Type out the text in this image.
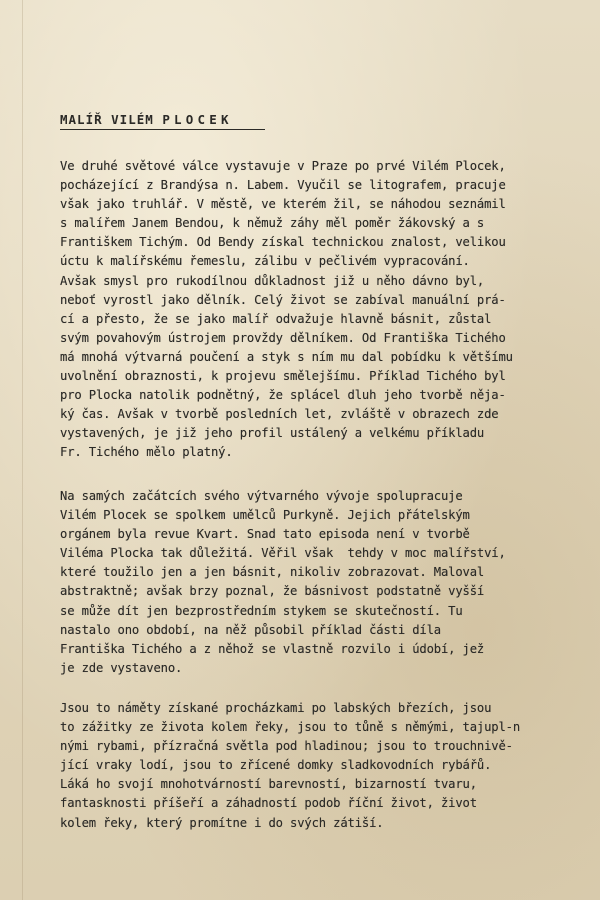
MALÍŘ VILÉM PLOCEK
Ve druhé světové válce vystavuje v Praze po prvé Vilém Plocek,
pocházející z Brandýsa n. Labem. Vyučil se litografem, pracuje
však jako truhlář. V městě, ve kterém žil, se náhodou seznámil
s malířem Janem Bendou, k němuž záhy měl poměr žákovský a s
Františkem Tichým. Od Bendy získal technickou znalost, velikou
úctu k malířskému řemeslu, zálibu v pečlivém vypracování.
Avšak smysl pro rukodílnou důkladnost již u něho dávno byl,
neboť vyrostl jako dělník. Celý život se zabíval manuální prá-
cí a přesto, že se jako malíř odvažuje hlavně básnit, zůstal
svým povahovým ústrojem provždy dělníkem. Od Františka Tichého
má mnohá výtvarná poučení a styk s ním mu dal pobídku k většímu
uvolnění obraznosti, k projevu smělejšímu. Příklad Tichého byl
pro Plocka natolik podnětný, že splácel dluh jeho tvorbě něja-
ký čas. Avšak v tvorbě posledních let, zvláště v obrazech zde
vystavených, je již jeho profil ustálený a velkému příkladu
Fr. Tichého mělo platný.
Na samých začátcích svého výtvarného vývoje spolupracuje
Vilém Plocek se spolkem umělců Purkyně. Jejich přátelským
orgánem byla revue Kvart. Snad tato episoda není v tvorbě
Viléma Plocka tak důležitá. Věřil však  tehdy v moc malířství,
které toužilo jen a jen básnit, nikoliv zobrazovat. Maloval
abstraktně; avšak brzy poznal, že básnivost podstatně vyšší
se může dít jen bezprostředním stykem se skutečností. Tu
nastalo ono období, na něž působil příklad části díla
Františka Tichého a z něhož se vlastně rozvilo i údobí, jež
je zde vystaveno.
Jsou to náměty získané procházkami po labských březích, jsou
to zážitky ze života kolem řeky, jsou to tůně s němými, tajupl-n
nými rybami, přízračná světla pod hladinou; jsou to trouchnivě-
jící vraky lodí, jsou to zřícené domky sladkovodních rybářů.
Láká ho svojí mnohotvárností barevností, bizarností tvaru,
fantasknosti příšeří a záhadností podob říční život, život
kolem řeky, který promítne i do svých zátiší.
